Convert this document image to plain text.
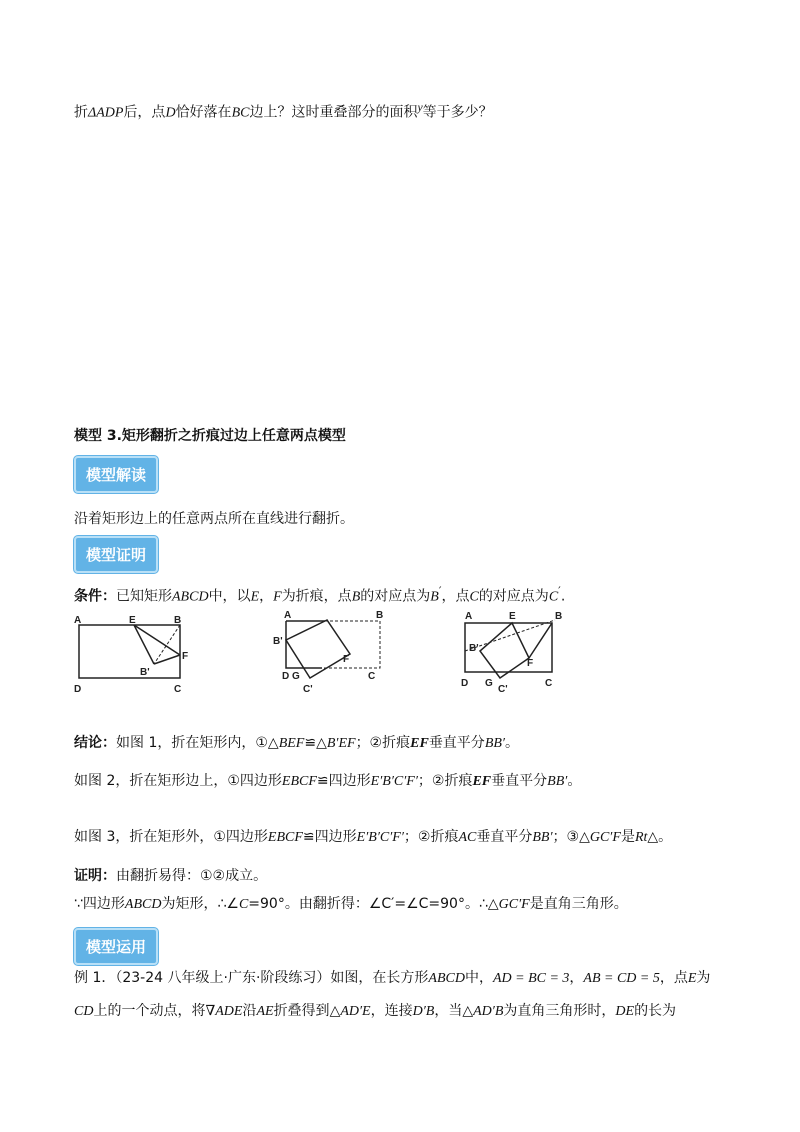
折ΔADP后，点D恰好落在BC边上？这时重叠部分的面积$^y$等于多少？
模型 3.矩形翻折之折痕过边上任意两点模型
模型解读
沿着矩形边上的任意两点所在直线进行翻折。
模型证明
条件：已知矩形ABCD中，以E，F为折痕，点B的对应点为B′，点C的对应点为C′.
A	E	B
B'
F
D	C
A	B
B'
F
D G	C
C'
A	E	B
B'
F
D G
C'
C
结论：如图 1，折在矩形内，①△BEF≌△B′EF；②折痕EF垂直平分BB′。
如图 2，折在矩形边上，①四边形EBCF≌四边形E′B′C′F′；②折痕EF垂直平分BB′。
如图 3，折在矩形外，①四边形EBCF≌四边形E′B′C′F′；②折痕AC垂直平分BB′；③△GC′F是Rt△。
证明：由翻折易得：①②成立。
∵四边形ABCD为矩形，∴∠C=90°。由翻折得：∠C′=∠C=90°。∴△GC′F是直角三角形。
模型运用
例 1．（23-24 八年级上·广东·阶段练习）如图，在长方形ABCD中，AD = BC = 3，AB = CD = 5，点E为
CD上的一个动点，将∇ADE沿AE折叠得到△AD′E，连接D′B，当△AD′B为直角三角形时，DE的长为
